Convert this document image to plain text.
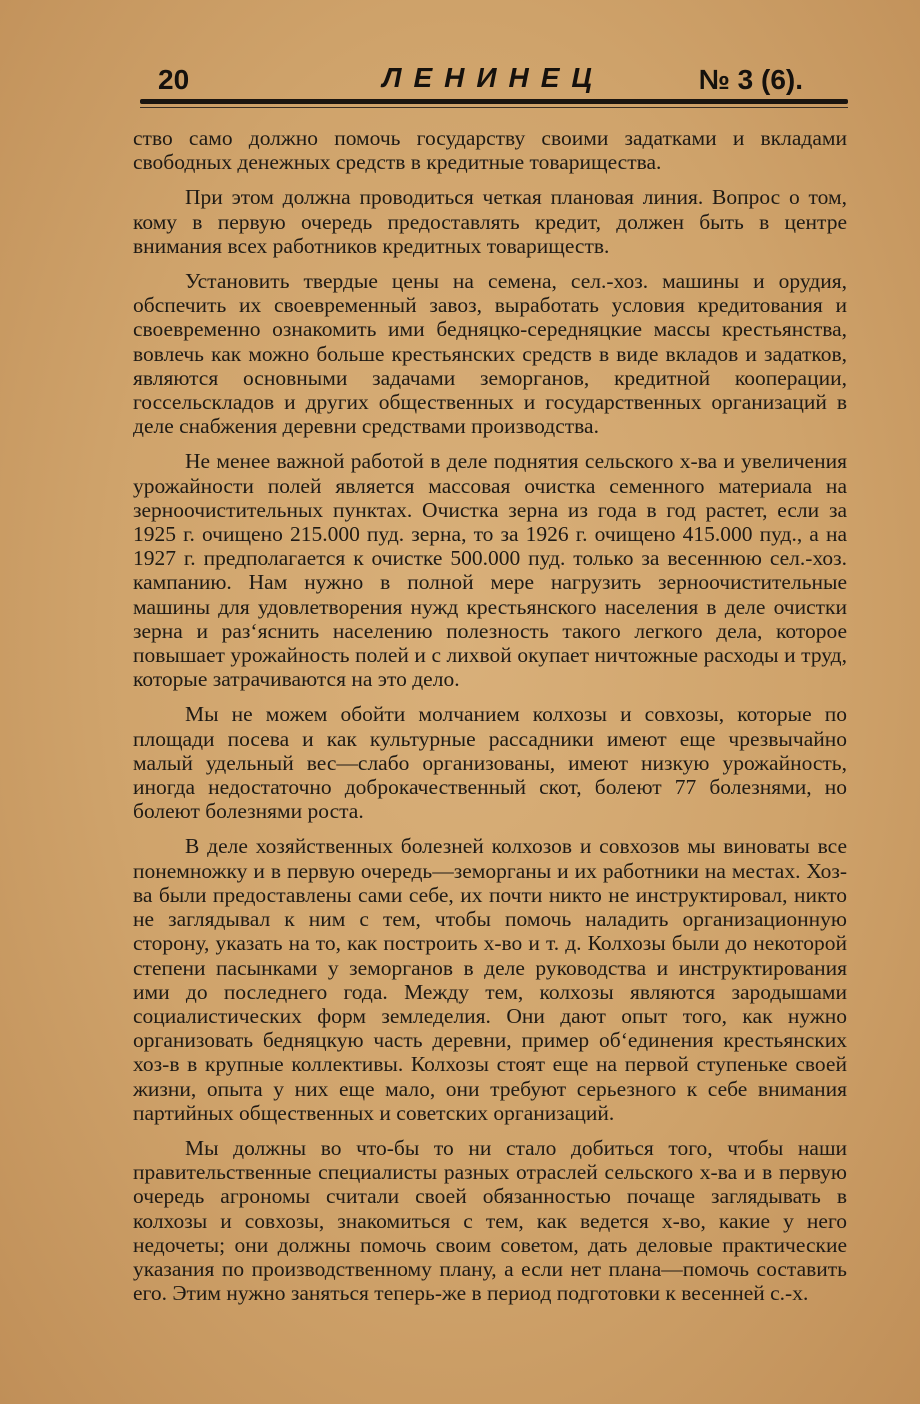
20	ЛЕНИНЕЦ	№ 3 (6).

ство само должно помочь государству своими задатками и вкладами свободных денежных средств в кредитные товарищества.

При этом должна проводиться четкая плановая линия. Вопрос о том, кому в первую очередь предоставлять кредит, должен быть в центре внимания всех работников кредитных товариществ.

Установить твердые цены на семена, сел.-хоз. машины и орудия, обспечить их своевременный завоз, выработать условия кредитования и своевременно ознакомить ими бедняцко-середняцкие массы крестьянства, вовлечь как можно больше крестьянских средств в виде вкладов и задатков, являются основными задачами земорганов, кредитной кооперации, госсельскладов и других общественных и государственных организаций в деле снабжения деревни средствами производства.

Не менее важной работой в деле поднятия сельского х-ва и увеличения урожайности полей является массовая очистка семенного материала на зерноочистительных пунктах. Очистка зерна из года в год растет, если за 1925 г. очищено 215.000 пуд. зерна, то за 1926 г. очищено 415.000 пуд., а на 1927 г. предполагается к очистке 500.000 пуд. только за весеннюю сел.-хоз. кампанию. Нам нужно в полной мере нагрузить зерноочистительные машины для удовлетворения нужд крестьянского населения в деле очистки зерна и раз‘яснить населению полезность такого легкого дела, которое повышает урожайность полей и с лихвой окупает ничтожные расходы и труд, которые затрачиваются на это дело.

Мы не можем обойти молчанием колхозы и совхозы, которые по площади посева и как культурные рассадники имеют еще чрезвычайно малый удельный вес—слабо организованы, имеют низкую урожайность, иногда недостаточно доброкачественный скот, болеют 77 болезнями, но болеют болезнями роста.

В деле хозяйственных болезней колхозов и совхозов мы виноваты все понемножку и в первую очередь—земорганы и их работники на местах. Хоз-ва были предоставлены сами себе, их почти никто не инструктировал, никто не заглядывал к ним с тем, чтобы помочь наладить организационную сторону, указать на то, как построить х-во и т. д. Колхозы были до некоторой степени пасынками у земорганов в деле руководства и инструктирования ими до последнего года. Между тем, колхозы являются зародышами социалистических форм земледелия. Они дают опыт того, как нужно организовать бедняцкую часть деревни, пример об‘единения крестьянских хоз-в в крупные коллективы. Колхозы стоят еще на первой ступеньке своей жизни, опыта у них еще мало, они требуют серьезного к себе внимания партийных общественных и советских организаций.

Мы должны во что-бы то ни стало добиться того, чтобы наши правительственные специалисты разных отраслей сельского х-ва и в первую очередь агрономы считали своей обязанностью почаще заглядывать в колхозы и совхозы, знакомиться с тем, как ведется х-во, какие у него недочеты; они должны помочь своим советом, дать деловые практические указания по производственному плану, а если нет плана—помочь составить его. Этим нужно заняться теперь-же в период подготовки к весенней с.-х.
